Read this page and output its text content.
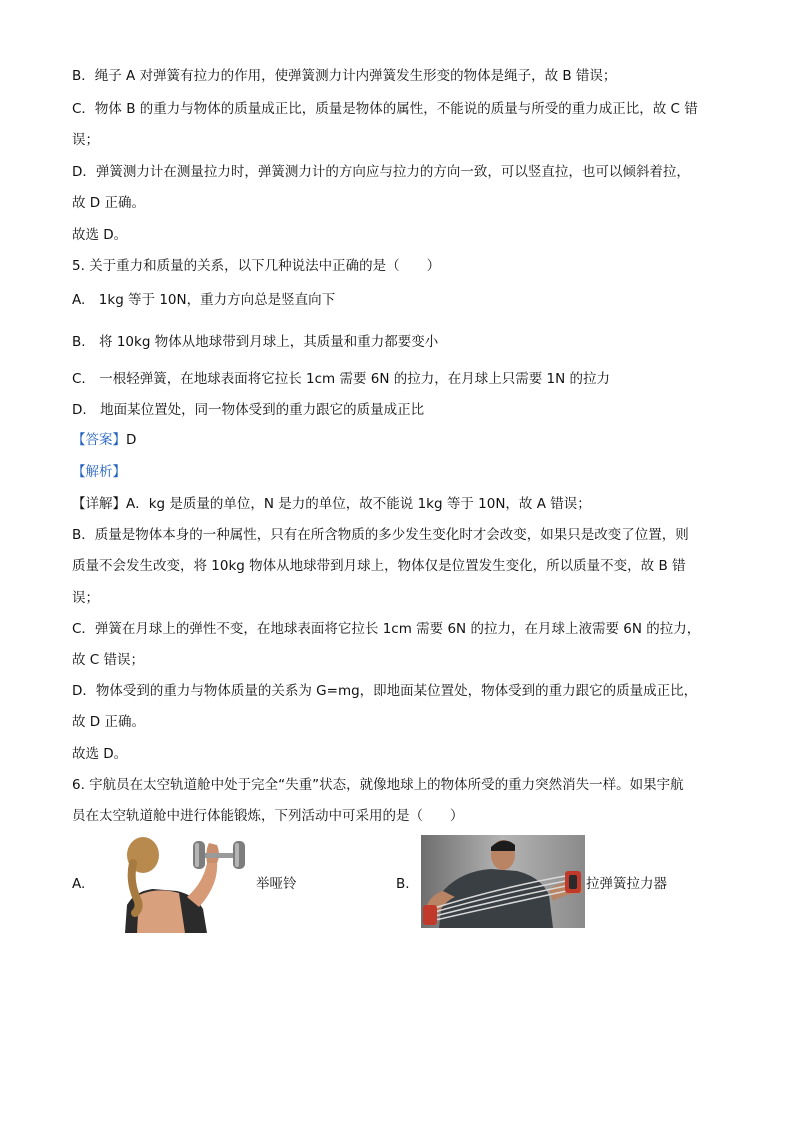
B．绳子 A 对弹簧有拉力的作用，使弹簧测力计内弹簧发生形变的物体是绳子，故 B 错误；
C．物体 B 的重力与物体的质量成正比，质量是物体的属性，不能说的质量与所受的重力成正比，故 C 错
误；
D．弹簧测力计在测量拉力时，弹簧测力计的方向应与拉力的方向一致，可以竖直拉，也可以倾斜着拉，
故 D 正确。
故选 D。
5. 关于重力和质量的关系，以下几种说法中正确的是（　　）
A.　1kg 等于 10N，重力方向总是竖直向下
B.　将 10kg 物体从地球带到月球上，其质量和重力都要变小
C.　一根轻弹簧，在地球表面将它拉长 1cm 需要 6N 的拉力，在月球上只需要 1N 的拉力
D.　地面某位置处，同一物体受到的重力跟它的质量成正比
【答案】D
【解析】
【详解】A．kg 是质量的单位，N 是力的单位，故不能说 1kg 等于 10N，故 A 错误；
B．质量是物体本身的一种属性，只有在所含物质的多少发生变化时才会改变，如果只是改变了位置，则
质量不会发生改变，将 10kg 物体从地球带到月球上，物体仅是位置发生变化，所以质量不变，故 B 错
误；
C．弹簧在月球上的弹性不变，在地球表面将它拉长 1cm 需要 6N 的拉力，在月球上液需要 6N 的拉力，
故 C 错误；
D．物体受到的重力与物体质量的关系为 G=mg，即地面某位置处，物体受到的重力跟它的质量成正比，
故 D 正确。
故选 D。
6. 宇航员在太空轨道舱中处于完全“失重”状态，就像地球上的物体所受的重力突然消失一样。如果宇航
员在太空轨道舱中进行体能锻炼，下列活动中可采用的是（　　）
A.	举哑铃	B.	拉弹簧拉力器
